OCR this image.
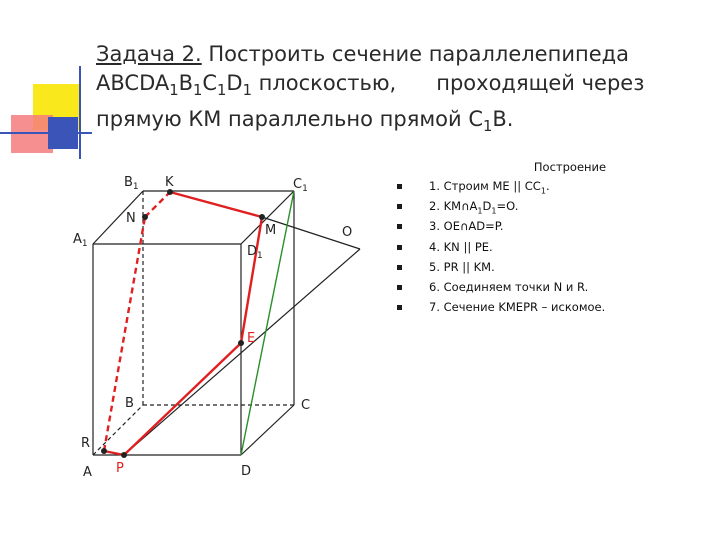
Задача 2. Построить сечение параллелепипеда
$ABCDA_1B_1C_1D_1$ плоскостью,      проходящей через
прямую КМ параллельно прямой $С_1В$.
$B_1$ K	$C_1$
N
$A_1$
M	O
$D_1$
E
B	C
R
A P	D
Построение
1. Строим ME || $CC_1$.
2. $KM\cap A_1D_1=O$.
3. OE∩AD=P.
4. KN || PE.
5. PR || KM.
6. Соединяем точки N и R.
7. Сечение KMEPR – искомое.
